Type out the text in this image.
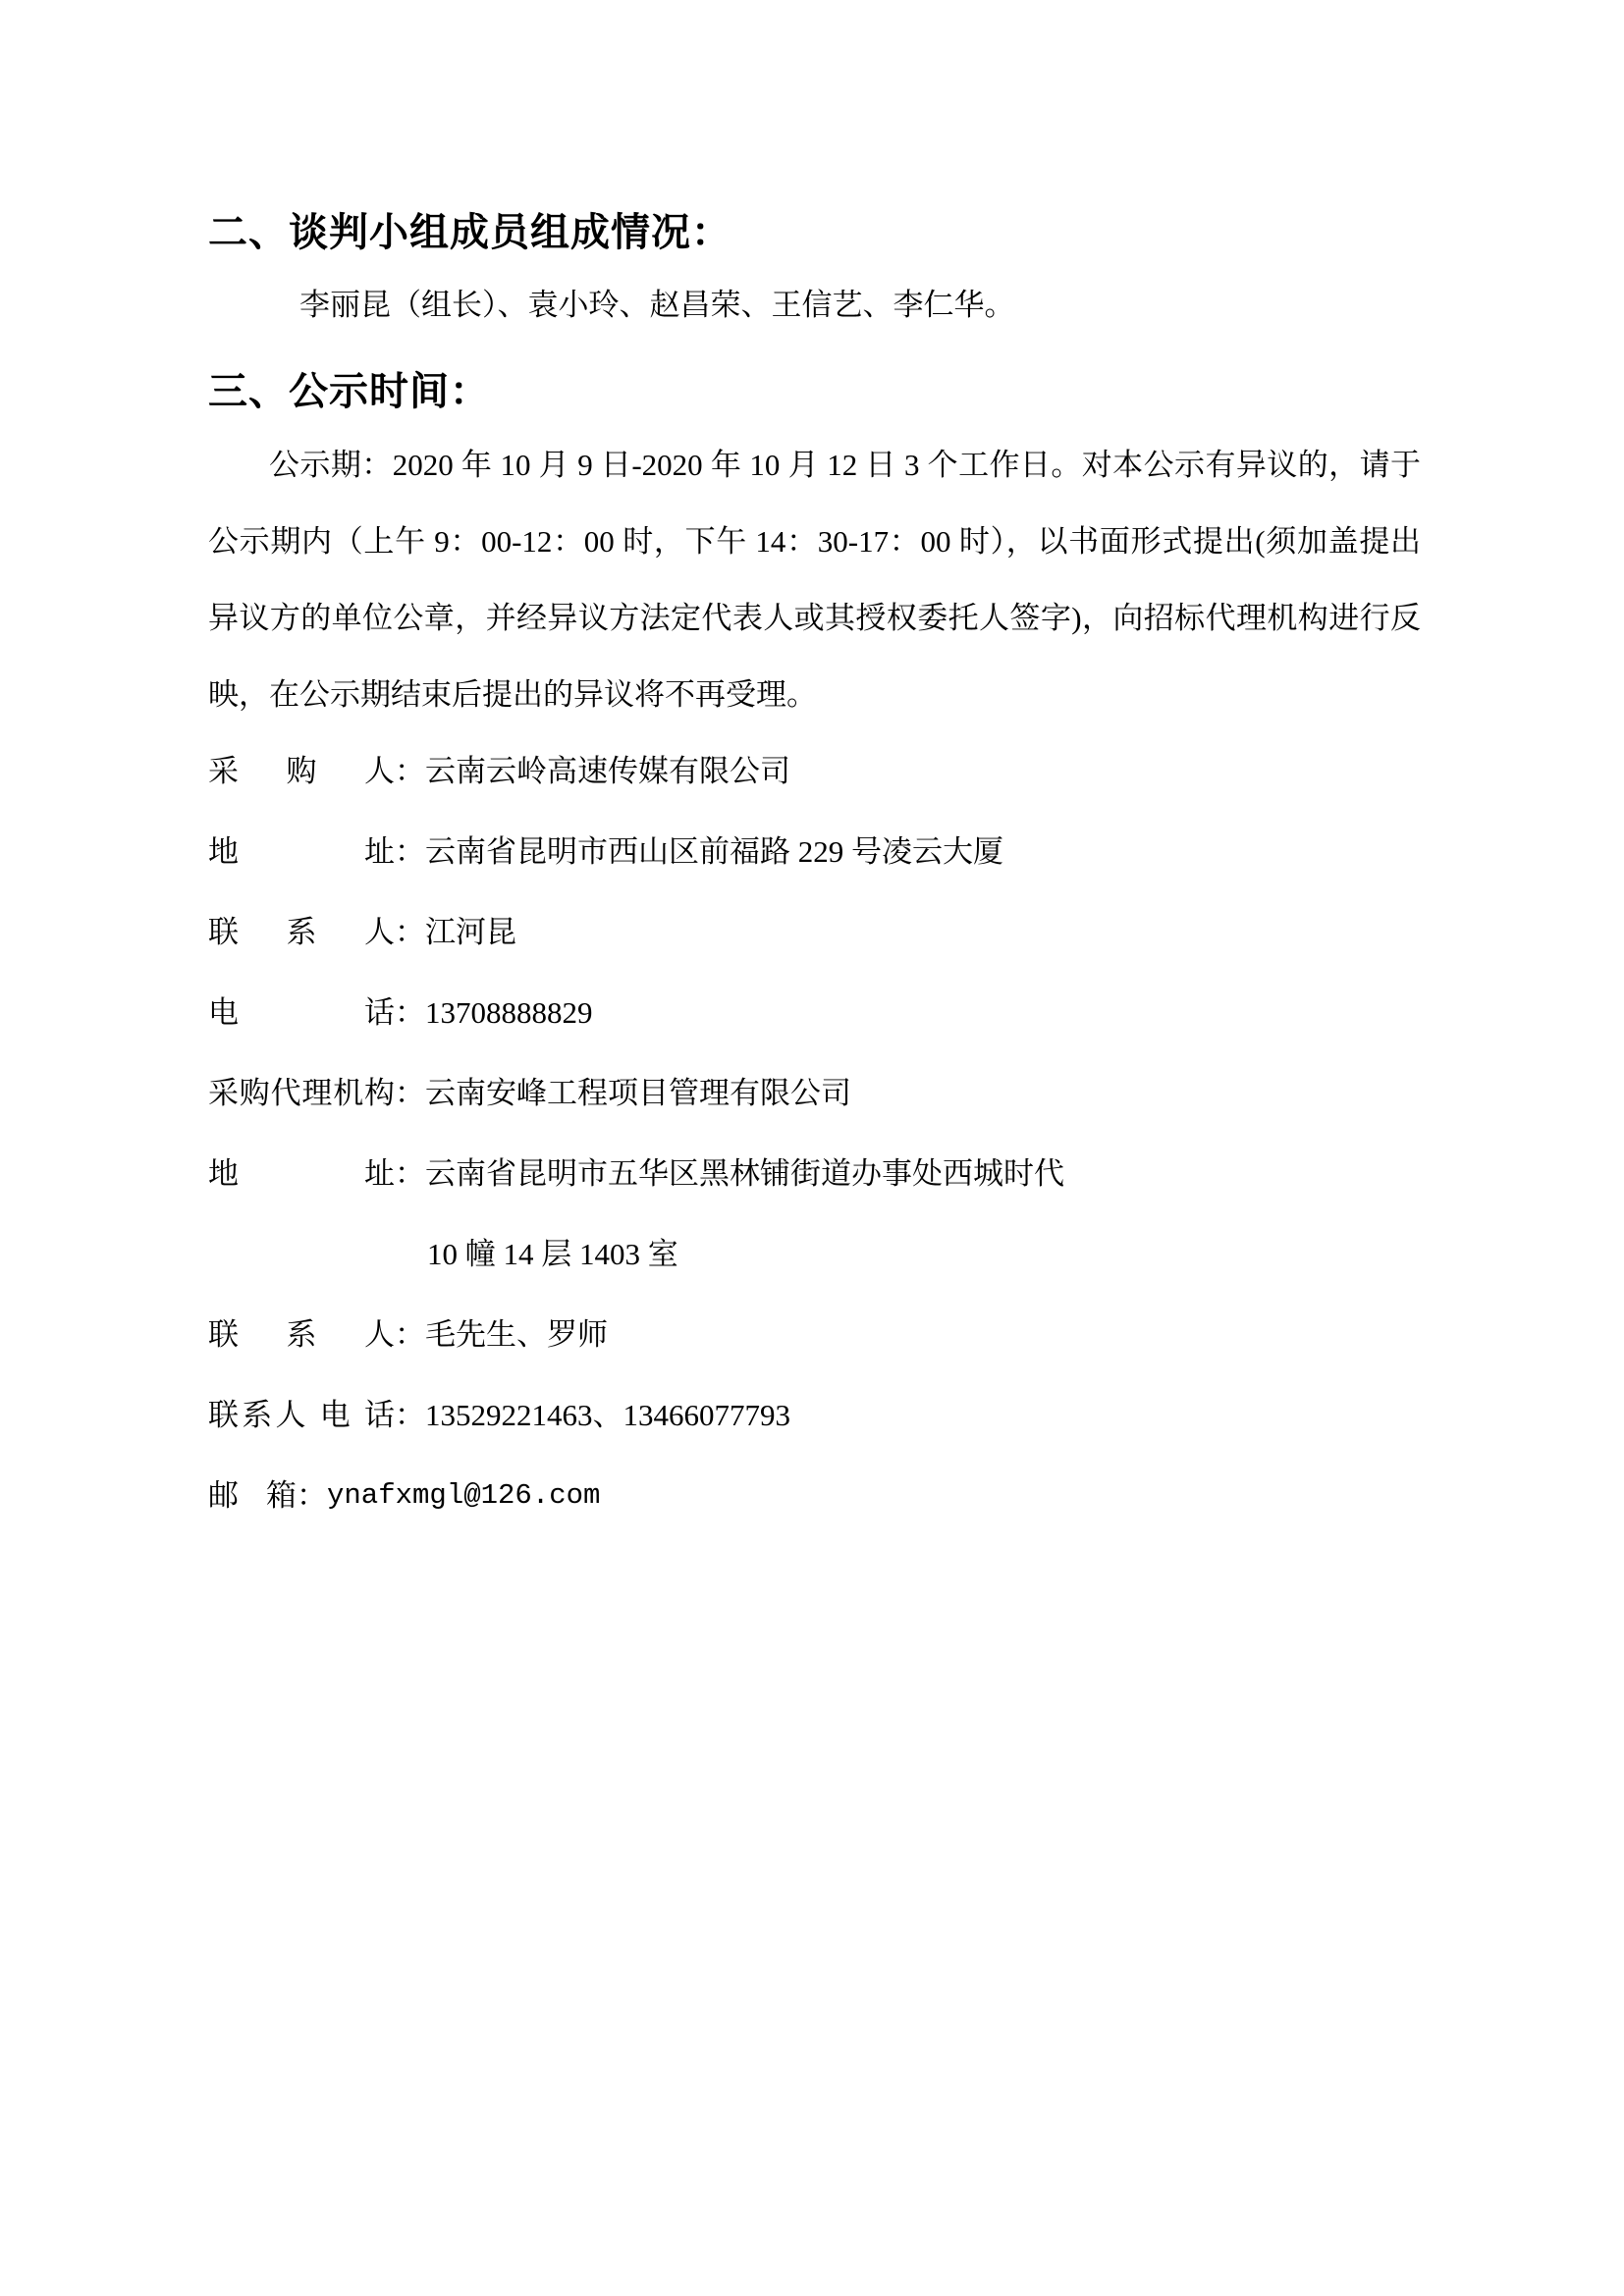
二、谈判小组成员组成情况：

李丽昆（组长）、袁小玲、赵昌荣、王信艺、李仁华。

三、公示时间：

公示期：2020 年 10 月 9 日-2020 年 10 月 12 日 3 个工作日。对本公示有异议的，请于公示期内（上午 9：00-12：00 时，下午 14：30-17：00 时），以书面形式提出(须加盖提出异议方的单位公章，并经异议方法定代表人或其授权委托人签字)，向招标代理机构进行反映，在公示期结束后提出的异议将不再受理。

采 购 人：云南云岭高速传媒有限公司
地 址：云南省昆明市西山区前福路 229 号凌云大厦
联 系 人：江河昆
电 话：13708888829
采购代理机构：云南安峰工程项目管理有限公司
地 址：云南省昆明市五华区黑林铺街道办事处西城时代
10 幢 14 层 1403 室
联 系 人：毛先生、罗师
联系人 电 话：13529221463、13466077793
邮 箱：ynafxmgl@126.com
